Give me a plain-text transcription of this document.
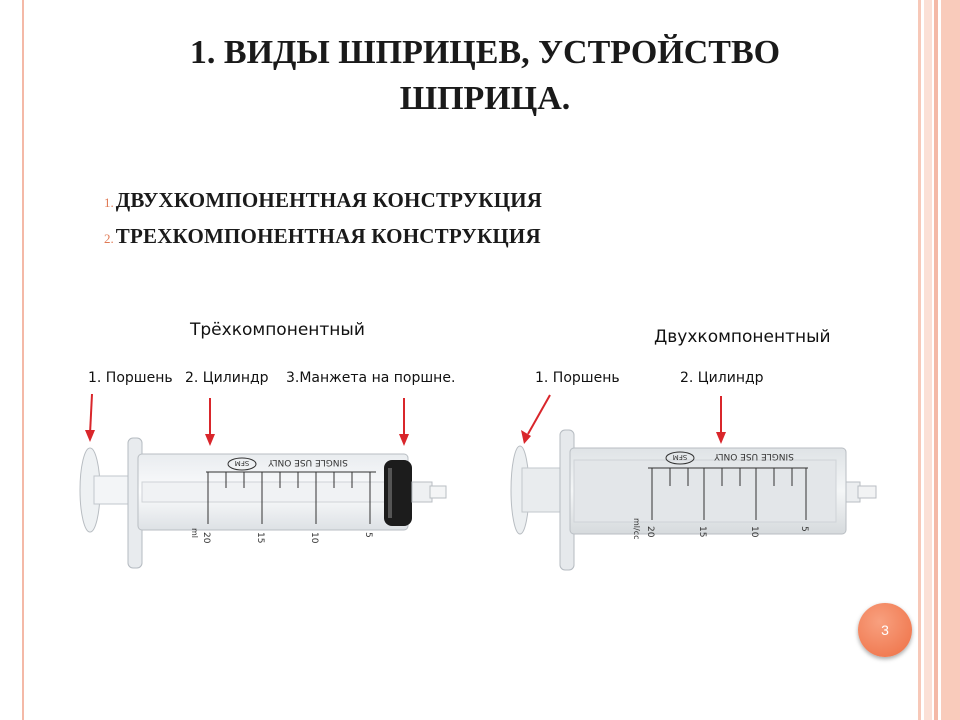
1. ВИДЫ ШПРИЦЕВ, УСТРОЙСТВО ШПРИЦА.
1. ДВУХКОМПОНЕНТНАЯ КОНСТРУКЦИЯ
2. ТРЕХКОМПОНЕНТНАЯ КОНСТРУКЦИЯ
Трёхкомпонентный
1. Поршень 2. Цилиндр 3.Манжета на поршне.
SINGLE USE ONLY
SFM
5
10
15
20
ml
Двухкомпонентный
1. Поршень	2. Цилиндр
SINGLE USE ONLY
SFM
5
10
15
20
ml/cc
3
